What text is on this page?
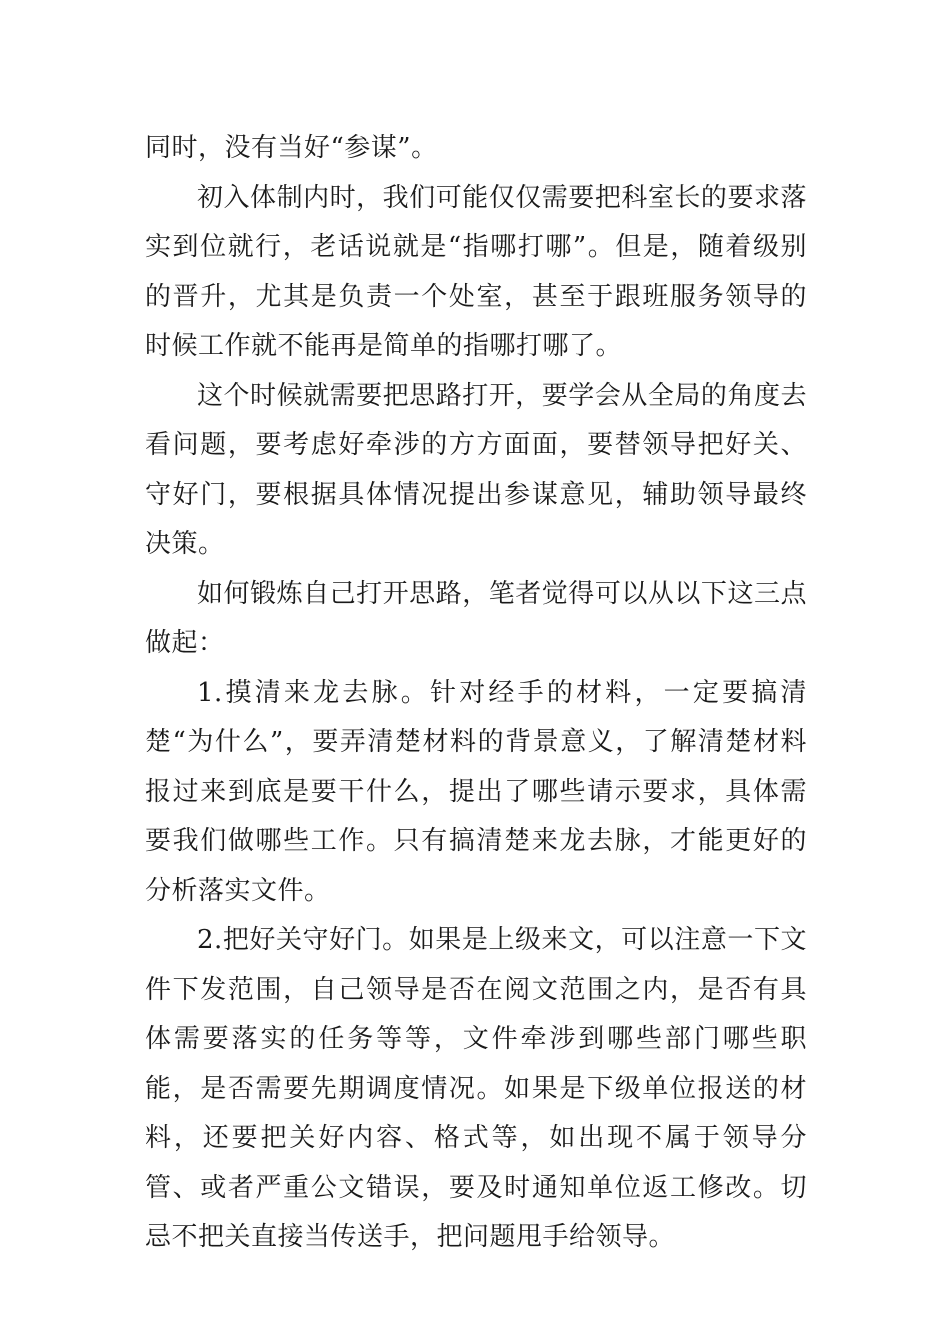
同时，没有当好“参谋”。

初入体制内时，我们可能仅仅需要把科室长的要求落实到位就行，老话说就是“指哪打哪”。但是，随着级别的晋升，尤其是负责一个处室，甚至于跟班服务领导的时候工作就不能再是简单的指哪打哪了。

这个时候就需要把思路打开，要学会从全局的角度去看问题，要考虑好牵涉的方方面面，要替领导把好关、守好门，要根据具体情况提出参谋意见，辅助领导最终决策。

如何锻炼自己打开思路，笔者觉得可以从以下这三点做起：

1.摸清来龙去脉。针对经手的材料，一定要搞清楚“为什么”，要弄清楚材料的背景意义，了解清楚材料报过来到底是要干什么，提出了哪些请示要求，具体需要我们做哪些工作。只有搞清楚来龙去脉，才能更好的分析落实文件。

2.把好关守好门。如果是上级来文，可以注意一下文件下发范围，自己领导是否在阅文范围之内，是否有具体需要落实的任务等等，文件牵涉到哪些部门哪些职能，是否需要先期调度情况。如果是下级单位报送的材料，还要把关好内容、格式等，如出现不属于领导分管、或者严重公文错误，要及时通知单位返工修改。切忌不把关直接当传送手，把问题甩手给领导。
